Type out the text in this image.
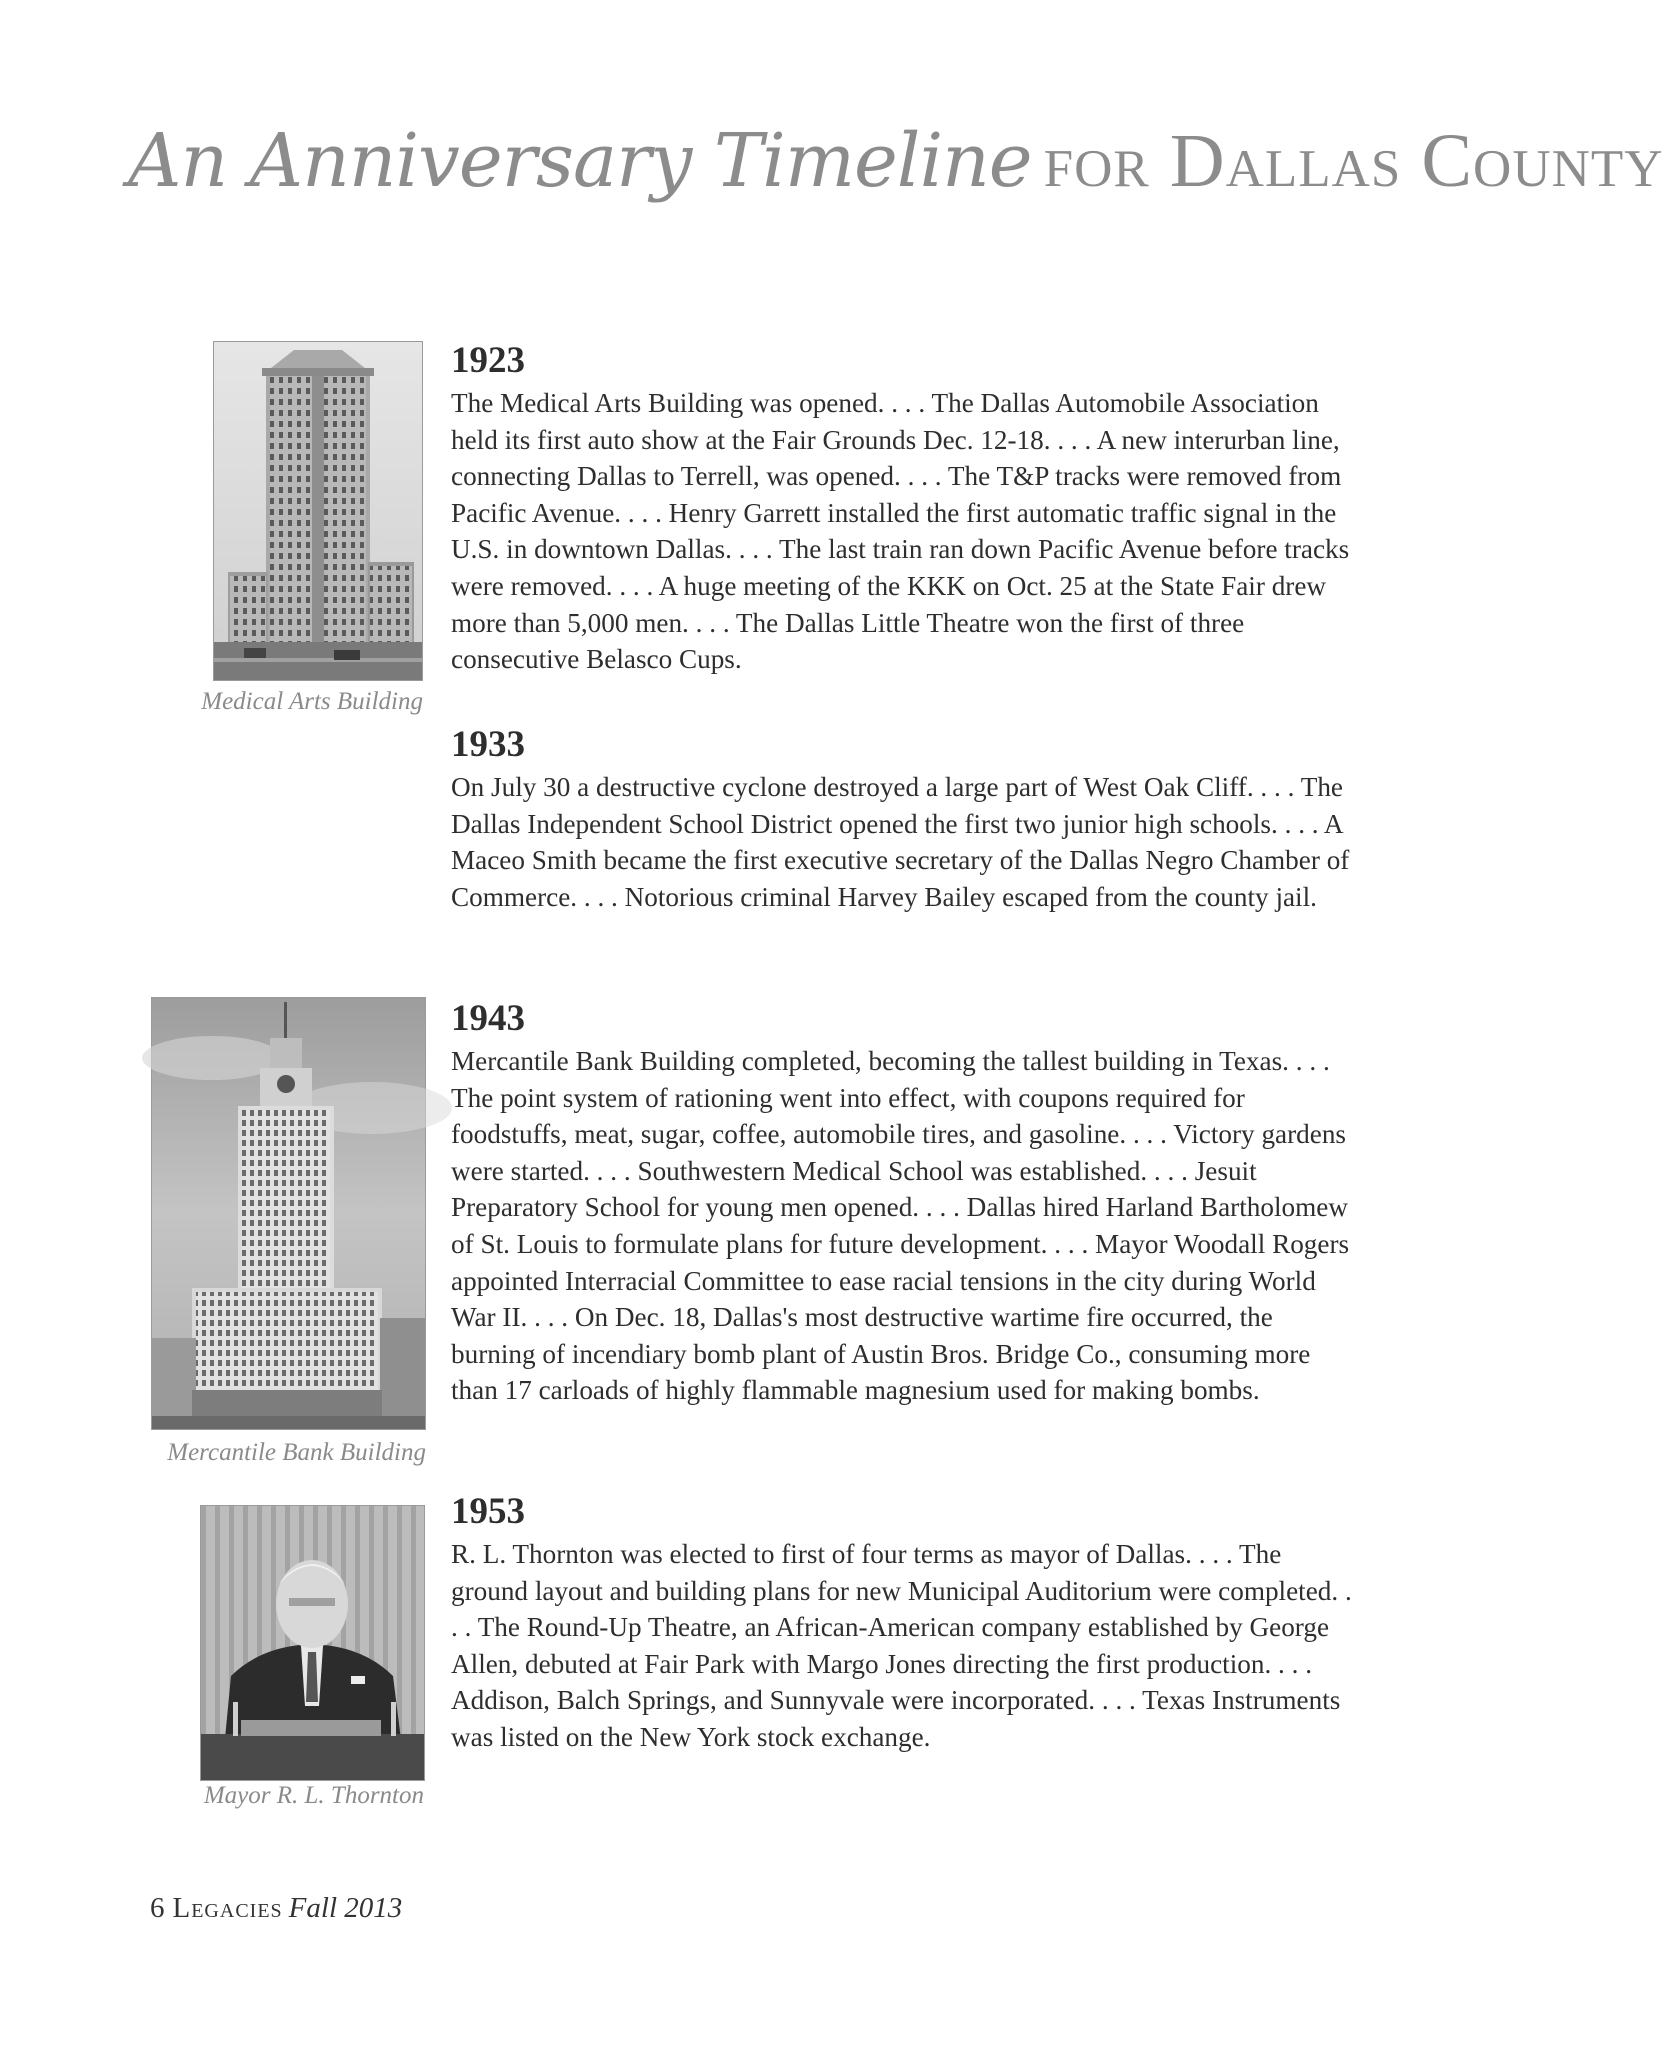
An Anniversary Timeline for Dallas County
Medical Arts Building
Mercantile Bank Building
Mayor R. L. Thornton
1923

The Medical Arts Building was opened. . . . The Dallas Automobile Association held its first auto show at the Fair Grounds Dec. 12-18. . . . A new interurban line, connecting Dallas to Terrell, was opened. . . . The T&P tracks were removed from Pacific Avenue. . . . Henry Garrett installed the first automatic traffic signal in the U.S. in downtown Dallas. . . . The last train ran down Pacific Avenue before tracks were removed. . . . A huge meeting of the KKK on Oct. 25 at the State Fair drew more than 5,000 men. . . . The Dallas Little Theatre won the first of three consecutive Belasco Cups.

1933

On July 30 a destructive cyclone destroyed a large part of West Oak Cliff. . . . The Dallas Independent School District opened the first two junior high schools. . . . A Maceo Smith became the first executive secretary of the Dallas Negro Chamber of Commerce. . . . Notorious criminal Harvey Bailey escaped from the county jail.

1943

Mercantile Bank Building completed, becoming the tallest building in Texas. . . . The point system of rationing went into effect, with coupons required for foodstuffs, meat, sugar, coffee, automobile tires, and gasoline. . . . Victory gardens were started. . . . Southwestern Medical School was established. . . . Jesuit Preparatory School for young men opened. . . . Dallas hired Harland Bartholomew of St. Louis to formulate plans for future development. . . . Mayor Woodall Rogers appointed Interracial Committee to ease racial tensions in the city during World War II. . . . On Dec. 18, Dallas's most destructive wartime fire occurred, the burning of incendiary bomb plant of Austin Bros. Bridge Co., consuming more than 17 carloads of highly flammable magnesium used for making bombs.

1953

R. L. Thornton was elected to first of four terms as mayor of Dallas. . . . The ground layout and building plans for new Municipal Auditorium were completed. . . . The Round-Up Theatre, an African-American company established by George Allen, debuted at Fair Park with Margo Jones directing the first production. . . . Addison, Balch Springs, and Sunnyvale were incorporated. . . . Texas Instruments was listed on the New York stock exchange.

6 Legacies Fall 2013
